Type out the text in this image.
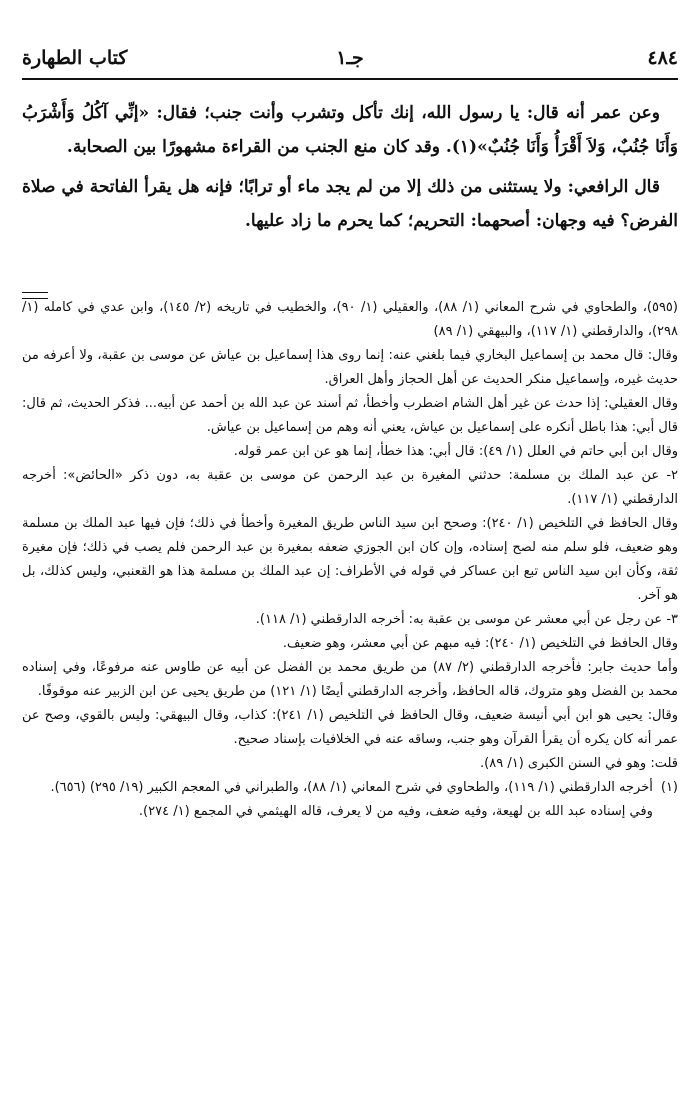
٤٨٤
جـ١
كتاب الطهارة

وعن عمر أنه قال: يا رسول الله، إنك تأكل وتشرب وأنت جنب؛ فقال: «إنِّي آكُلُ وَأَشْرَبُ وَأَنَا جُنُبٌ، وَلاَ أَقْرَأُ وَأَنَا جُنُبٌ»(١). وقد كان منع الجنب من القراءة مشهورًا بين الصحابة.

قال الرافعي: ولا يستثنى من ذلك إلا من لم يجد ماء أو ترابًا؛ فإنه هل يقرأ الفاتحة في صلاة الفرض؟ فيه وجهان: أصحهما: التحريم؛ كما يحرم ما زاد عليها.

(٥٩٥)، والطحاوي في شرح المعاني (١/ ٨٨)، والعقيلي (١/ ٩٠)، والخطيب في تاريخه (٢/ ١٤٥)، وابن عدي في كامله (١/ ٢٩٨)، والدارقطني (١/ ١١٧)، والبيهقي (١/ ٨٩)

وقال: قال محمد بن إسماعيل البخاري فيما بلغني عنه: إنما روى هذا إسماعيل بن عياش عن موسى بن عقبة، ولا أعرفه من حديث غيره، وإسماعيل منكر الحديث عن أهل الحجاز وأهل العراق.

وقال العقيلي: إذا حدث عن غير أهل الشام اضطرب وأخطأ، ثم أسند عن عبد الله بن أحمد عن أبيه... فذكر الحديث، ثم قال: قال أبي: هذا باطل أنكره على إسماعيل بن عياش، يعني أنه وهم من إسماعيل بن عياش.

وقال ابن أبي حاتم في العلل (١/ ٤٩): قال أبي: هذا خطأ، إنما هو عن ابن عمر قوله.

٢- عن عبد الملك بن مسلمة: حدثني المغيرة بن عبد الرحمن عن موسى بن عقبة به، دون ذكر «الحائض»: أخرجه الدارقطني (١/ ١١٧).

وقال الحافظ في التلخيص (١/ ٢٤٠): وصحح ابن سيد الناس طريق المغيرة وأخطأ في ذلك؛ فإن فيها عبد الملك بن مسلمة وهو ضعيف، فلو سلم منه لصح إسناده، وإن كان ابن الجوزي ضعفه بمغيرة بن عبد الرحمن فلم يصب في ذلك؛ فإن مغيرة ثقة، وكأن ابن سيد الناس تبع ابن عساكر في قوله في الأطراف: إن عبد الملك بن مسلمة هذا هو القعنبي، وليس كذلك، بل هو آخر.

٣- عن رجل عن أبي معشر عن موسى بن عقبة به: أخرجه الدارقطني (١/ ١١٨).

وقال الحافظ في التلخيص (١/ ٢٤٠): فيه مبهم عن أبي معشر، وهو ضعيف.

وأما حديث جابر: فأخرجه الدارقطني (٢/ ٨٧) من طريق محمد بن الفضل عن أبيه عن طاوس عنه مرفوعًا، وفي إسناده محمد بن الفضل وهو متروك، قاله الحافظ، وأخرجه الدارقطني أيضًا (١/ ١٢١) من طريق يحيى عن ابن الزبير عنه موقوفًا.

وقال: يحيى هو ابن أبي أنيسة ضعيف، وقال الحافظ في التلخيص (١/ ٢٤١): كذاب، وقال البيهقي: وليس بالقوي، وصح عن عمر أنه كان يكره أن يقرأ القرآن وهو جنب، وساقه عنه في الخلافيات بإسناد صحيح.

قلت: وهو في السنن الكبرى (١/ ٨٩).

(١)

أخرجه الدارقطني (١/ ١١٩)، والطحاوي في شرح المعاني (١/ ٨٨)، والطبراني في المعجم الكبير (١٩/ ٢٩٥) (٦٥٦).

وفي إسناده عبد الله بن لهيعة، وفيه ضعف، وفيه من لا يعرف، قاله الهيثمي في المجمع (١/ ٢٧٤).
